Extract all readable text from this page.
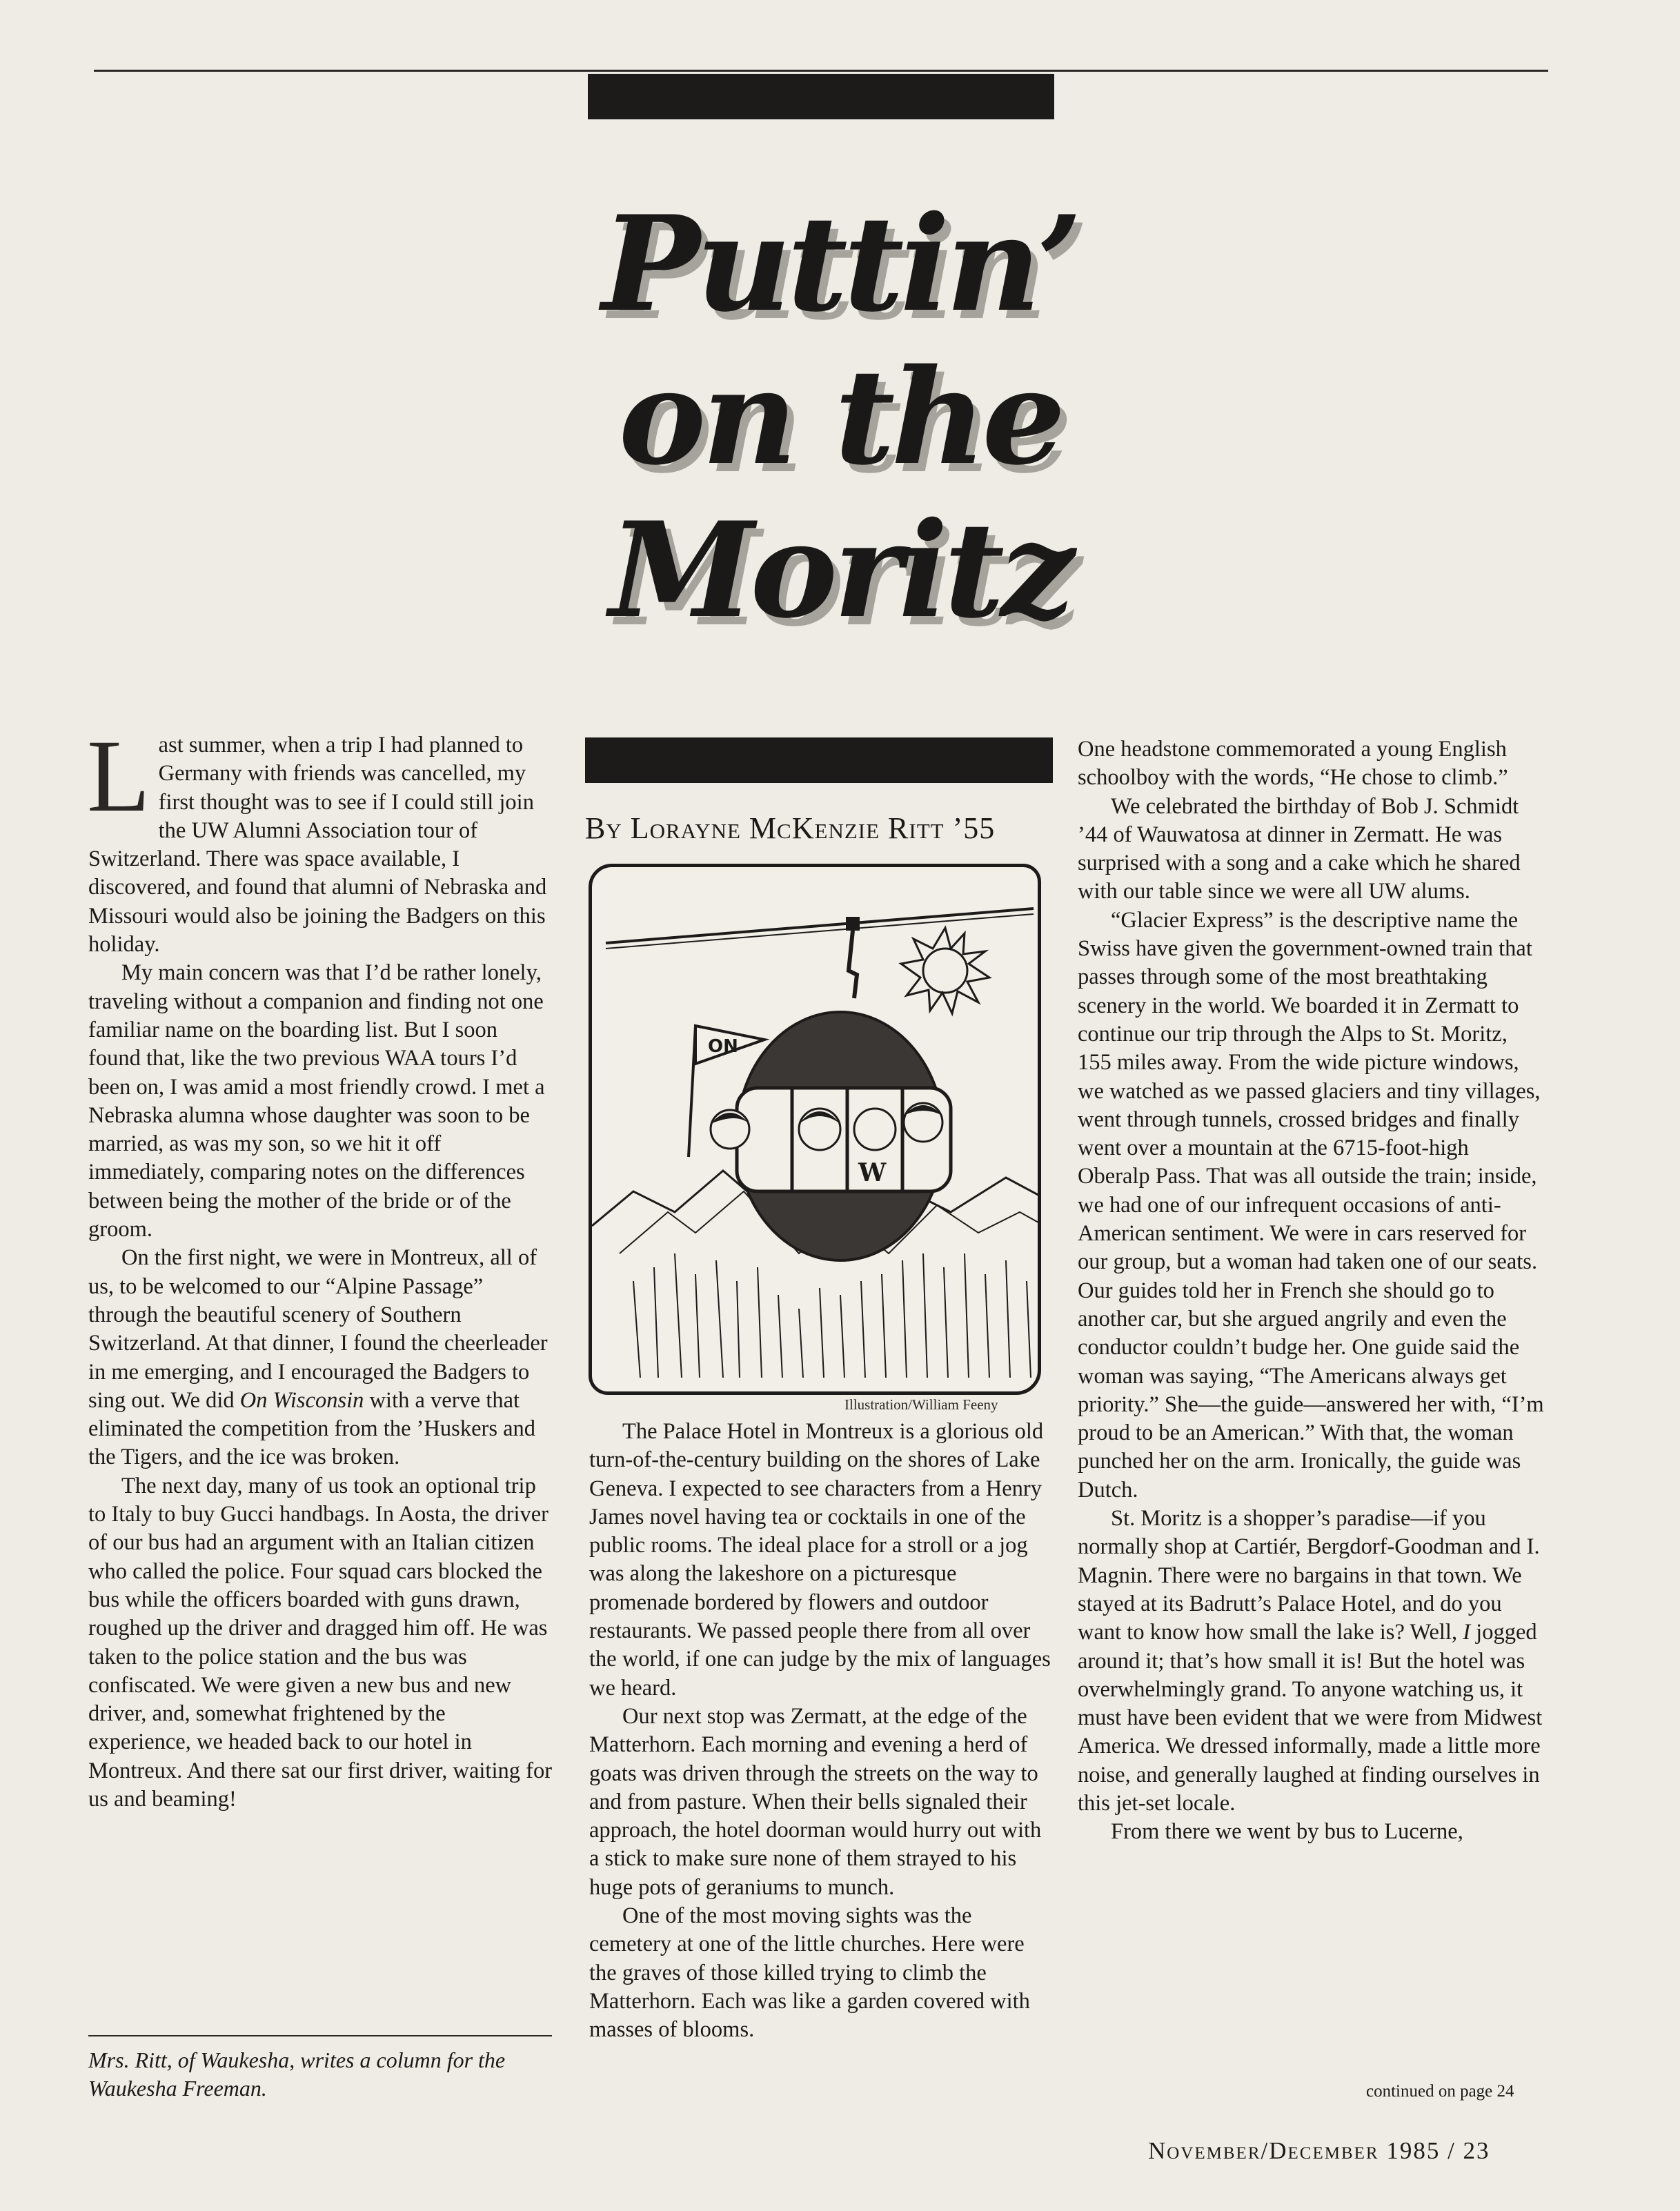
Puttin’
on the
Moritz

Last summer, when a trip I had planned to Germany with friends was cancelled, my first thought was to see if I could still join the UW Alumni Association tour of Switzerland. There was space available, I discovered, and found that alumni of Nebraska and Missouri would also be joining the Badgers on this holiday.

My main concern was that I’d be rather lonely, traveling without a companion and finding not one familiar name on the boarding list. But I soon found that, like the two previous WAA tours I’d been on, I was amid a most friendly crowd. I met a Nebraska alumna whose daughter was soon to be married, as was my son, so we hit it off immediately, comparing notes on the differences between being the mother of the bride or of the groom.

On the first night, we were in Montreux, all of us, to be welcomed to our “Alpine Passage” through the beautiful scenery of Southern Switzerland. At that dinner, I found the cheerleader in me emerging, and I encouraged the Badgers to sing out. We did On Wisconsin with a verve that eliminated the competition from the ’Huskers and the Tigers, and the ice was broken.

The next day, many of us took an optional trip to Italy to buy Gucci handbags. In Aosta, the driver of our bus had an argument with an Italian citizen who called the police. Four squad cars blocked the bus while the officers boarded with guns drawn, roughed up the driver and dragged him off. He was taken to the police station and the bus was confiscated. We were given a new bus and new driver, and, somewhat frightened by the experience, we headed back to our hotel in Montreux. And there sat our first driver, waiting for us and beaming!

Mrs. Ritt, of Waukesha, writes a column for the Waukesha Freeman.
By Lorayne McKenzie Ritt ’55
ON
W
Illustration/William Feeny

The Palace Hotel in Montreux is a glorious old turn-of-the-century building on the shores of Lake Geneva. I expected to see characters from a Henry James novel having tea or cocktails in one of the public rooms. The ideal place for a stroll or a jog was along the lakeshore on a picturesque promenade bordered by flowers and outdoor restaurants. We passed people there from all over the world, if one can judge by the mix of languages we heard.

Our next stop was Zermatt, at the edge of the Matterhorn. Each morning and evening a herd of goats was driven through the streets on the way to and from pasture. When their bells signaled their approach, the hotel doorman would hurry out with a stick to make sure none of them strayed to his huge pots of geraniums to munch.

One of the most moving sights was the cemetery at one of the little churches. Here were the graves of those killed trying to climb the Matterhorn. Each was like a garden covered with masses of blooms.

One headstone commemorated a young English schoolboy with the words, “He chose to climb.”

We celebrated the birthday of Bob J. Schmidt ’44 of Wauwatosa at dinner in Zermatt. He was surprised with a song and a cake which he shared with our table since we were all UW alums.

“Glacier Express” is the descriptive name the Swiss have given the government-owned train that passes through some of the most breathtaking scenery in the world. We boarded it in Zermatt to continue our trip through the Alps to St. Moritz, 155 miles away. From the wide picture windows, we watched as we passed glaciers and tiny villages, went through tunnels, crossed bridges and finally went over a mountain at the 6715-foot-high Oberalp Pass. That was all outside the train; inside, we had one of our infrequent occasions of anti-American sentiment. We were in cars reserved for our group, but a woman had taken one of our seats. Our guides told her in French she should go to another car, but she argued angrily and even the conductor couldn’t budge her. One guide said the woman was saying, “The Americans always get priority.” She—the guide—answered her with, “I’m proud to be an American.” With that, the woman punched her on the arm. Ironically, the guide was Dutch.

St. Moritz is a shopper’s paradise—if you normally shop at Cartiér, Bergdorf-Goodman and I. Magnin. There were no bargains in that town. We stayed at its Badrutt’s Palace Hotel, and do you want to know how small the lake is? Well, I jogged around it; that’s how small it is! But the hotel was overwhelmingly grand. To anyone watching us, it must have been evident that we were from Midwest America. We dressed informally, made a little more noise, and generally laughed at finding ourselves in this jet-set locale.

From there we went by bus to Lucerne,

continued on page 24
November/December 1985 / 23
